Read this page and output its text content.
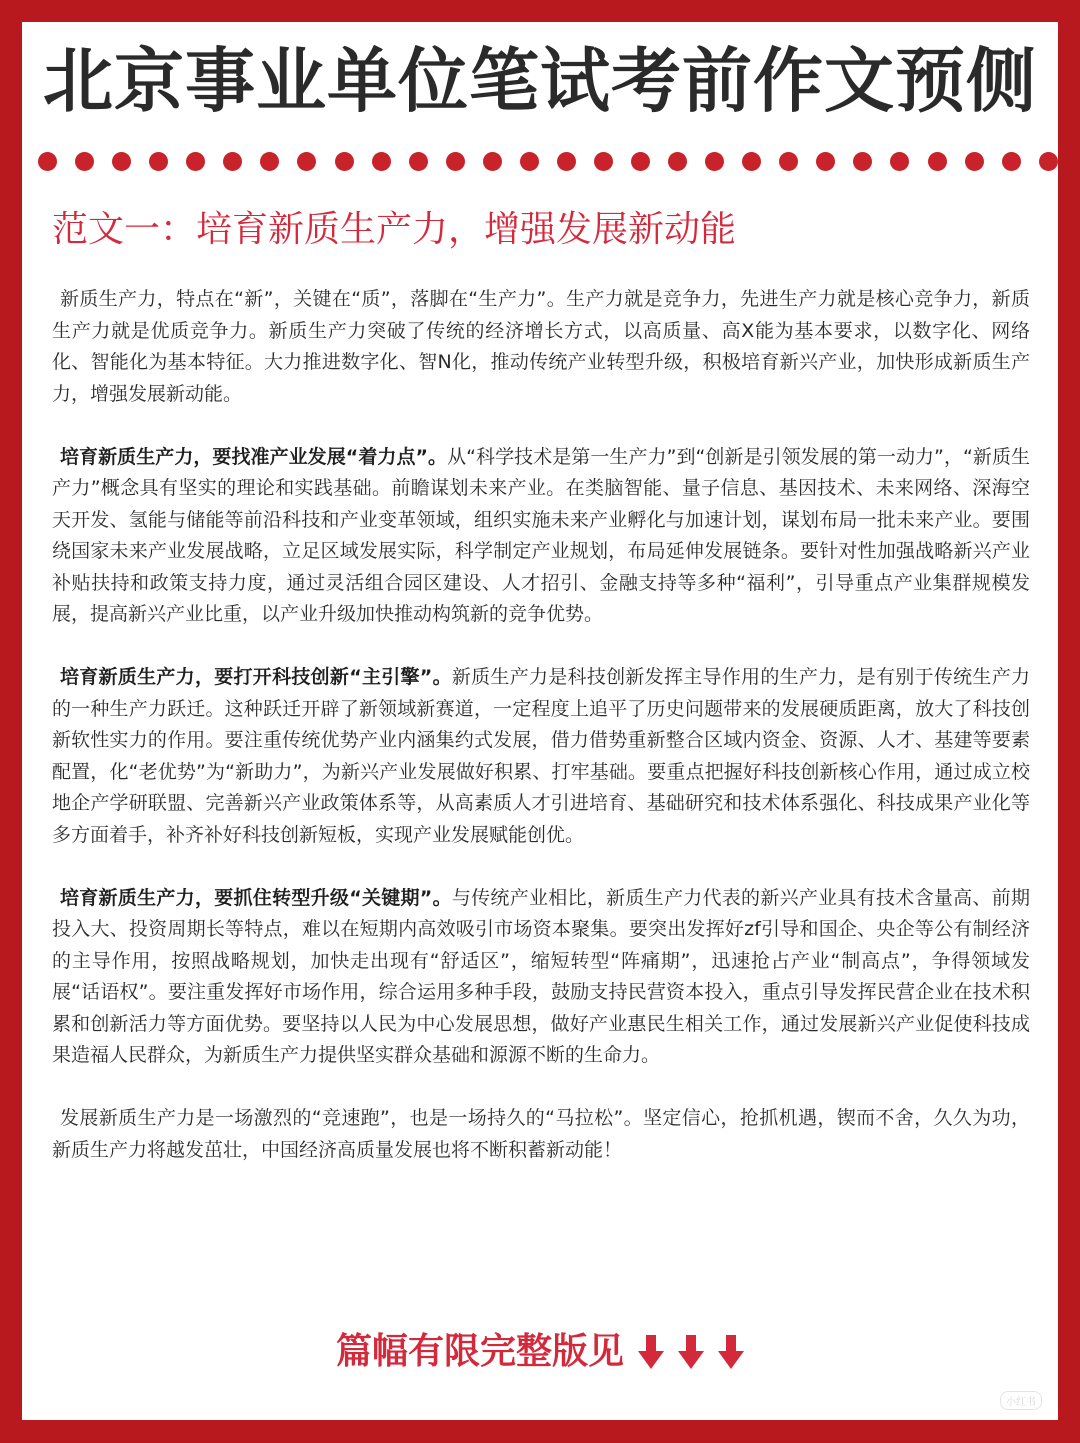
北京事业单位笔试考前作文预侧
范文一：培育新质生产力，增强发展新动能

新质生产力，特点在“新”，关键在“质”，落脚在“生产力”。生产力就是竞争力，先进生产力就是核心竞争力，新质生产力就是优质竞争力。新质生产力突破了传统的经济增长方式，以高质量、高X能为基本要求，以数字化、网络化、智能化为基本特征。大力推进数字化、智N化，推动传统产业转型升级，积极培育新兴产业，加快形成新质生产力，增强发展新动能。

培育新质生产力，要找准产业发展“着力点”。从“科学技术是第一生产力”到“创新是引领发展的第一动力”，“新质生产力”概念具有坚实的理论和实践基础。前瞻谋划未来产业。在类脑智能、量子信息、基因技术、未来网络、深海空天开发、氢能与储能等前沿科技和产业变革领域，组织实施未来产业孵化与加速计划，谋划布局一批未来产业。要围绕国家未来产业发展战略，立足区域发展实际，科学制定产业规划，布局延伸发展链条。要针对性加强战略新兴产业补贴扶持和政策支持力度，通过灵活组合园区建设、人才招引、金融支持等多种“福利”，引导重点产业集群规模发展，提高新兴产业比重，以产业升级加快推动构筑新的竞争优势。

培育新质生产力，要打开科技创新“主引擎”。新质生产力是科技创新发挥主导作用的生产力，是有别于传统生产力的一种生产力跃迁。这种跃迁开辟了新领域新赛道，一定程度上追平了历史问题带来的发展硬质距离，放大了科技创新软性实力的作用。要注重传统优势产业内涵集约式发展，借力借势重新整合区域内资金、资源、人才、基建等要素配置，化“老优势”为“新助力”，为新兴产业发展做好积累、打牢基础。要重点把握好科技创新核心作用，通过成立校地企产学研联盟、完善新兴产业政策体系等，从高素质人才引进培育、基础研究和技术体系强化、科技成果产业化等多方面着手，补齐补好科技创新短板，实现产业发展赋能创优。

培育新质生产力，要抓住转型升级“关键期”。与传统产业相比，新质生产力代表的新兴产业具有技术含量高、前期投入大、投资周期长等特点，难以在短期内高效吸引市场资本聚集。要突出发挥好zf引导和国企、央企等公有制经济的主导作用，按照战略规划，加快走出现有“舒适区”，缩短转型“阵痛期”，迅速抢占产业“制高点”，争得领域发展“话语权”。要注重发挥好市场作用，综合运用多种手段，鼓励支持民营资本投入，重点引导发挥民营企业在技术积累和创新活力等方面优势。要坚持以人民为中心发展思想，做好产业惠民生相关工作，通过发展新兴产业促使科技成果造福人民群众，为新质生产力提供坚实群众基础和源源不断的生命力。

发展新质生产力是一场激烈的“竞速跑”，也是一场持久的“马拉松”。坚定信心，抢抓机遇，锲而不舍，久久为功，新质生产力将越发茁壮，中国经济高质量发展也将不断积蓄新动能！

篇幅有限完整版见
小红书
